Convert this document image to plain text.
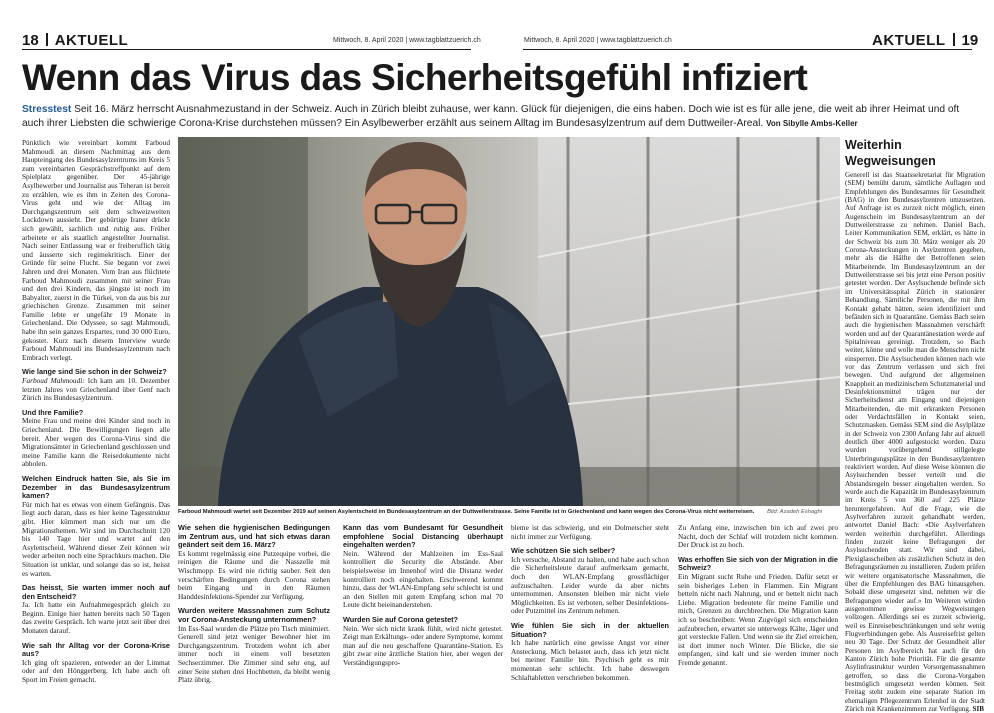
18 AKTUELL	Mittwoch, 8. April 2020 | www.tagblattzuerich.ch	Mittwoch, 8. April 2020 | www.tagblattzuerich.ch	AKTUELL 19
Wenn das Virus das Sicherheitsgefühl infiziert
Stresstest Seit 16. März herrscht Ausnahmezustand in der Schweiz. Auch in Zürich bleibt zuhause, wer kann. Glück für diejenigen, die eins haben. Doch wie ist es für alle jene, die weit ab ihrer Heimat und oft auch ihrer Liebsten die schwierige Corona-Krise durchstehen müssen? Ein Asylbewerber erzählt aus seinem Alltag im Bundesasylzentrum auf dem Duttweiler-Areal. Von Sibylle Ambs-Keller

Pünktlich wie vereinbart kommt Farboud Mahmoudi an diesem Nachmittag aus dem Haupteingang des Bundesasylzentrums im Kreis 5 zum vereinbarten Gesprächstreffpunkt auf dem Spielplatz gegenüber. Der 45-jährige Asylbewerber und Journalist aus Teheran ist bereit zu erzählen, wie es ihm in Zeiten des Corona-Virus geht und wie der Alltag im Durchgangszentrum seit dem schweizweiten Lockdown aussieht. Der gebürtige Iraner drückt sich gewählt, sachlich und ruhig aus. Früher arbeitete er als staatlich angestellter Journalist. Nach seiner Entlassung war er freiberuflich tätig und äusserte sich regimekritisch. Einer der Gründe für seine Flucht. Sie begann vor zwei Jahren und drei Monaten. Vom Iran aus flüchtete Farboud Mahmoudi zusammen mit seiner Frau und den drei Kindern, das jüngste ist noch im Babyalter, zuerst in die Türkei, von da aus bis zur griechischen Grenze. Zusammen mit seiner Familie lebte er ungefähr 19 Monate in Griechenland. Die Odyssee, so sagt Mahmoudi, habe ihn sein ganzes Erspartes, rund 30 000 Euro, gekostet. Kurz nach diesem Interview wurde Farboud Mahmoudi ins Bundesasylzentrum nach Embrach verlegt.

Wie lange sind Sie schon in der Schweiz?

Farboud Mahmoudi: Ich kam am 10. Dezember letzten Jahres von Griechenland über Genf nach Zürich ins Bundesasylzentrum.

Und Ihre Familie?

Meine Frau und meine drei Kinder sind noch in Griechenland. Die Bewilligungen liegen alle bereit. Aber wegen des Corona-Virus sind die Migrationsämter in Griechenland geschlossen und meine Familie kann die Reisedokumente nicht abholen.

Welchen Eindruck hatten Sie, als Sie im Dezember in das Bundesasylzentrum kamen?

Für mich hat es etwas von einem Gefängnis. Das liegt auch daran, dass es hier keine Tagesstruktur gibt. Hier kümmert man sich nur um die Migrationsthemen. Wir sind im Durchschnitt 120 bis 140 Tage hier und wartet auf den Asylentscheid. Während dieser Zeit können wir weder arbeiten noch eine Sprachkurs machen. Die Situation ist unklar, und solange das so ist, heisst es warten.

Das heisst, Sie warten immer noch auf den Entscheid?

Ja. Ich hatte ein Aufnahmegespräch gleich zu Beginn. Einige hier hatten bereits nach 50 Tagen das zweite Gespräch. Ich warte jetzt seit über drei Monaten darauf.

Wie sah Ihr Alltag vor der Corona-Krise aus?

Ich ging oft spazieren, entweder an der Limmat oder auf den Hönggerberg. Ich habe auch oft Sport im Freien gemacht.

Farboud Mahmoudi wartet seit Dezember 2019 auf seinen Asylentscheid im Bundesasylzentrum an der Duttweilerstrasse. Seine Familie ist in Griechenland und kann wegen des Corona-Virus nicht weiterreisen. Bild: Azadeh Eshaghi

Wie sehen die hygienischen Bedingungen im Zentrum aus, und hat sich etwas daran geändert seit dem 16. März?

Es kommt regelmässig eine Putzequipe vorbei, die reinigen die Räume und die Nasszelle mit Wischmopp. Es wird nie richtig sauber. Seit den verschärften Bedingungen durch Corona stehen beim Eingang und in den Räumen Handdesinfektions-Spender zur Verfügung.

Wurden weitere Massnahmen zum Schutz vor Corona-Ansteckung unternommen?

Im Ess-Saal wurden die Plätze pro Tisch minimiert. Generell sind jetzt weniger Bewohner hier im Durchgangszentrum. Trotzdem wohnt ich aber immer noch in einem voll besetzten Sechserzimmer. Die Zimmer sind sehr eng, auf einer Seite stehen drei Hochbetten, da bleibt wenig Platz übrig.

Kann das vom Bundesamt für Gesundheit empfohlene Social Distancing überhaupt eingehalten werden?

Nein. Während der Mahlzeiten im Ess-Saal kontrolliert die Security die Abstände. Aber beispielsweise im Innenhof wird die Distanz weder kontrolliert noch eingehalten. Erschwerend kommt hinzu, dass der WLAN-Empfang sehr schlecht ist und an den Stellen mit gutem Empfang schon mal 70 Leute dicht beieinanderstehen.

Wurden Sie auf Corona getestet?

Nein. Wer sich nicht krank fühlt, wird nicht getestet. Zeigt man Erkältungs- oder andere Symptome, kommt man auf die neu geschaffene Quarantäne-Station. Es gibt zwar eine ärztliche Station hier, aber wegen der Verständigungspro-

bleme ist das schwierig, und ein Dolmetscher steht nicht immer zur Verfügung.

Wie schützen Sie sich selber?

Ich versuche, Abstand zu halten, und habe auch schon die Sicherheitsleute darauf aufmerksam gemacht, doch den WLAN-Empfang grossflächiger aufzuschalten. Leider wurde da aber nichts unternommen. Ansonsten bleiben mir nicht viele Möglichkeiten. Es ist verboten, selber Desinfektions- oder Putzmittel ins Zentrum nehmen.

Wie fühlen Sie sich in der aktuellen Situation?

Ich habe natürlich eine gewisse Angst vor einer Ansteckung. Mich belastet auch, dass ich jetzt nicht bei meiner Familie bin. Psychisch geht es mir momentan sehr schlecht. Ich habe deswegen Schlaftabletten verschrieben bekommen.

Zu Anfang eine, inzwischen bin ich auf zwei pro Nacht, doch der Schlaf will trotzdem nicht kommen. Der Druck ist zu hoch.

Was erhoffen Sie sich von der Migration in die Schweiz?

Ein Migrant sucht Ruhe und Frieden. Dafür setzt er sein bisheriges Leben in Flammen. Ein Migrant betteln nicht nach Nahrung, und er bettelt nicht nach Liebe. Migration bedeutete für meine Familie und mich, Grenzen zu durchbrechen. Die Migration kann ich so beschreiben: Wenn Zugvögel sich entscheiden aufzubrechen, erwartet sie unterwegs Kälte, Jäger und gut versteckte Fallen. Und wenn sie ihr Ziel erreichen, ist dort immer noch Winter. Die Blicke, die sie empfangen, sind kalt und sie werden immer noch Fremde genannt.

Weiterhin Wegweisungen

Generell ist das Staatssekretariat für Migration (SEM) bemüht darum, sämtliche Auflagen und Empfehlungen des Bundesamtes für Gesundheit (BAG) in den Bundesasylzentren umzusetzen. Auf Anfrage ist es zurzeit nicht möglich, einen Augenschein im Bundesasylzentrum an der Duttweilerstrasse zu nehmen. Daniel Bach, Leiter Kommunikation SEM, erklärt, es hätte in der Schweiz bis zum 30. März weniger als 20 Corona-Ansteckungen in Asylzentren gegeben, mehr als die Hälfte der Betroffenen seien Mitarbeitende. Im Bundesasylzentrum an der Duttweilerstrasse sei bis jetzt eine Person positiv getestet worden. Der Asylsuchende befinde sich im Universitätsspital Zürich in stationärer Behandlung. Sämtliche Personen, die mit ihm Kontakt gehabt hätten, seien identifiziert und befänden sich in Quarantäne. Gemäss Bach seien auch die hygienischen Massnahmen verschärft worden und auf der Quarantänestation werde auf Spitalniveau gereinigt. Trotzdem, so Bach weiter, könne und wolle man die Menschen nicht einsperren. Die Asylsuchenden können nach wie vor das Zentrum verlassen und sich frei bewegen. Und aufgrund der allgemeinen Knappheit an medizinischem Schutzmaterial und Desinfektionsmittel trägen nur der Sicherheitsdienst am Eingang und diejenigen Mitarbeitenden, die mit erkrankten Personen oder Verdachtsfällen in Kontakt seien, Schutzmasken. Gemäss SEM sind die Asylplätze in der Schweiz von 2300 Anfang Jahr auf aktuell deutlich über 4000 aufgestockt worden. Dazu wurden vorübergehend stillgelegte Unterbringungsplätze in den Bundesasylzentren reaktiviert worden. Auf diese Weise könnten die Asylsuchenden besser verteilt und die Abstandsregeln besser eingehalten werden. So wurde auch die Kapazität im Bundesasylzentrum im Kreis 5 von 360 auf 225 Plätze heruntergefahren. Auf die Frage, wie die Asylverfahren zurzeit gehandhabt werden, antwortet Daniel Bach: «Die Asylverfahren werden weiterhin durchgeführt. Allerdings finden zurzeit keine Befragungen der Asylsuchenden statt. Wir sind dabei, Plexiglasscheiben als zusätzlichen Schutz in den Befragungsräumen zu installieren. Zudem prüfen wir weitere organisatorische Massnahmen, die über die Empfehlungen des BAG hinausgehen. Sobald diese umgesetzt sind, nehmen wir die Befragungen wieder auf.» Im Weiteren würden ausgenommen gewisse Wegweisungen vollzogen. Allerdings sei es zurzeit schwierig, weil es Einreisebeschränkungen und sehr wenig Flugverbindungen gebe. Als Ausreisefrist gelten neu 30 Tage. Der Schutz der Gesundheit aller Personen im Asylbereich hat auch für den Kanton Zürich hohe Priorität. Für die gesamte Asylinfrastruktur wurden Vorsorgemassnahmen getroffen, so dass die Corona-Vorgaben bestmöglich umgesetzt werden können. Seit Freitag steht zudem eine separate Station im ehemaligen Pflegezentrum Erlenhof in der Stadt Zürich mit Krankenzimmern zur Verfügung. SIB
